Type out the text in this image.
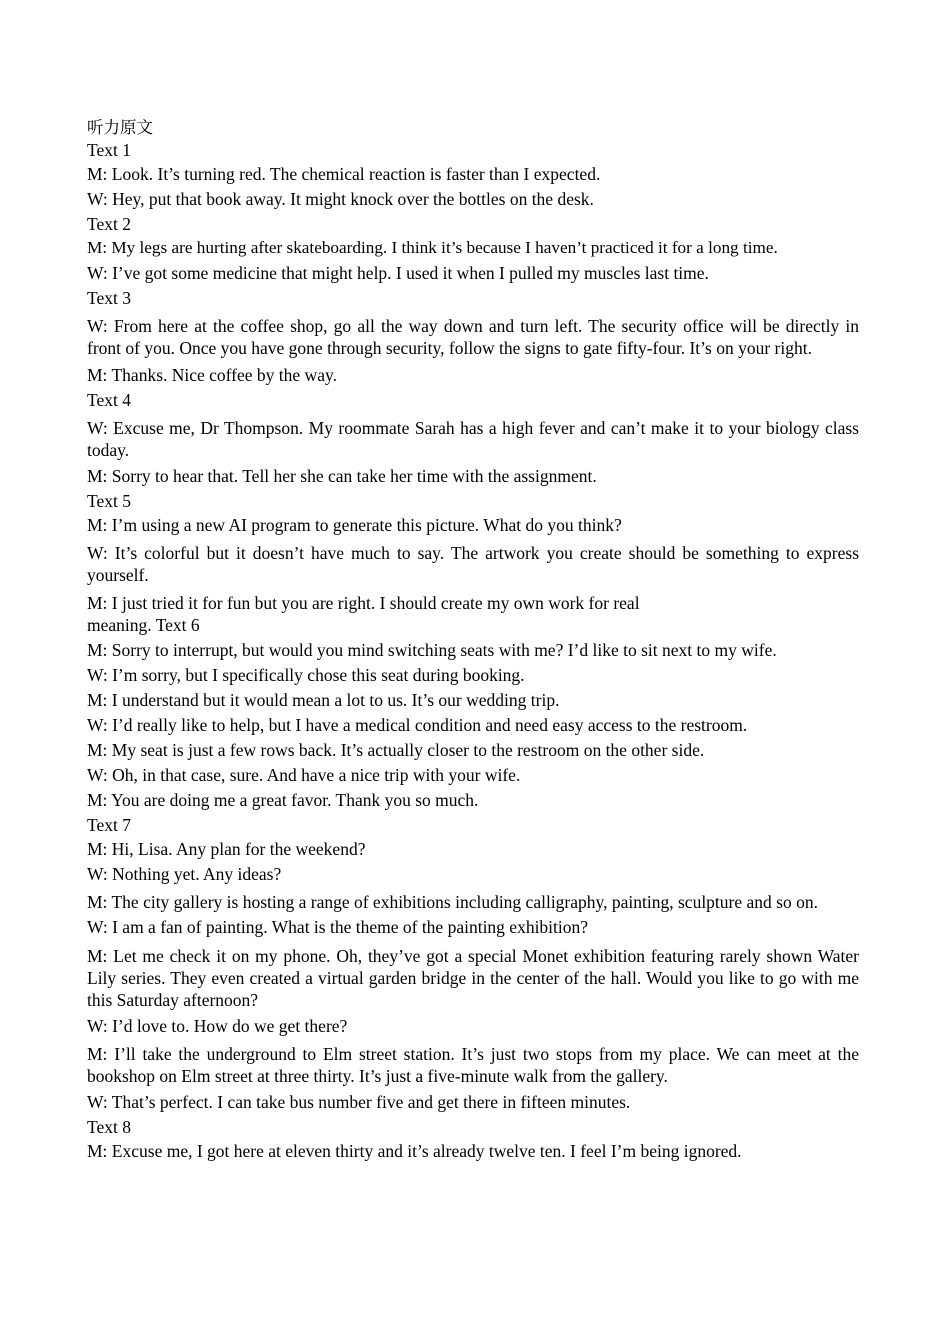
听力原文

Text 1

M: Look. It’s turning red. The chemical reaction is faster than I expected.

W: Hey, put that book away. It might knock over the bottles on the desk.

Text 2

M: My legs are hurting after skateboarding. I think it’s because I haven’t practiced it for a long time.

W: I’ve got some medicine that might help. I used it when I pulled my muscles last time.

Text 3

W: From here at the coffee shop, go all the way down and turn left. The security office will be directly in front of you. Once you have gone through security, follow the signs to gate fifty-four. It’s on your right.

M: Thanks. Nice coffee by the way.

Text 4

W: Excuse me, Dr Thompson. My roommate Sarah has a high fever and can’t make it to your biology class today.

M: Sorry to hear that. Tell her she can take her time with the assignment.

Text 5

M: I’m using a new AI program to generate this picture. What do you think?

W: It’s colorful but it doesn’t have much to say. The artwork you create should be something to express yourself.

M: I just tried it for fun but you are right. I should create my own work for real
meaning. Text 6

M: Sorry to interrupt, but would you mind switching seats with me? I’d like to sit next to my wife.

W: I’m sorry, but I specifically chose this seat during booking.

M: I understand but it would mean a lot to us. It’s our wedding trip.

W: I’d really like to help, but I have a medical condition and need easy access to the restroom.

M: My seat is just a few rows back. It’s actually closer to the restroom on the other side.

W: Oh, in that case, sure. And have a nice trip with your wife.

M: You are doing me a great favor. Thank you so much.

Text 7

M: Hi, Lisa. Any plan for the weekend?

W: Nothing yet. Any ideas?

M: The city gallery is hosting a range of exhibitions including calligraphy, painting, sculpture and so on.

W: I am a fan of painting. What is the theme of the painting exhibition?

M: Let me check it on my phone. Oh, they’ve got a special Monet exhibition featuring rarely shown Water Lily series. They even created a virtual garden bridge in the center of the hall. Would you like to go with me this Saturday afternoon?

W: I’d love to. How do we get there?

M: I’ll take the underground to Elm street station. It’s just two stops from my place. We can meet at the bookshop on Elm street at three thirty. It’s just a five-minute walk from the gallery.

W: That’s perfect. I can take bus number five and get there in fifteen minutes.

Text 8

M: Excuse me, I got here at eleven thirty and it’s already twelve ten. I feel I’m being ignored.
